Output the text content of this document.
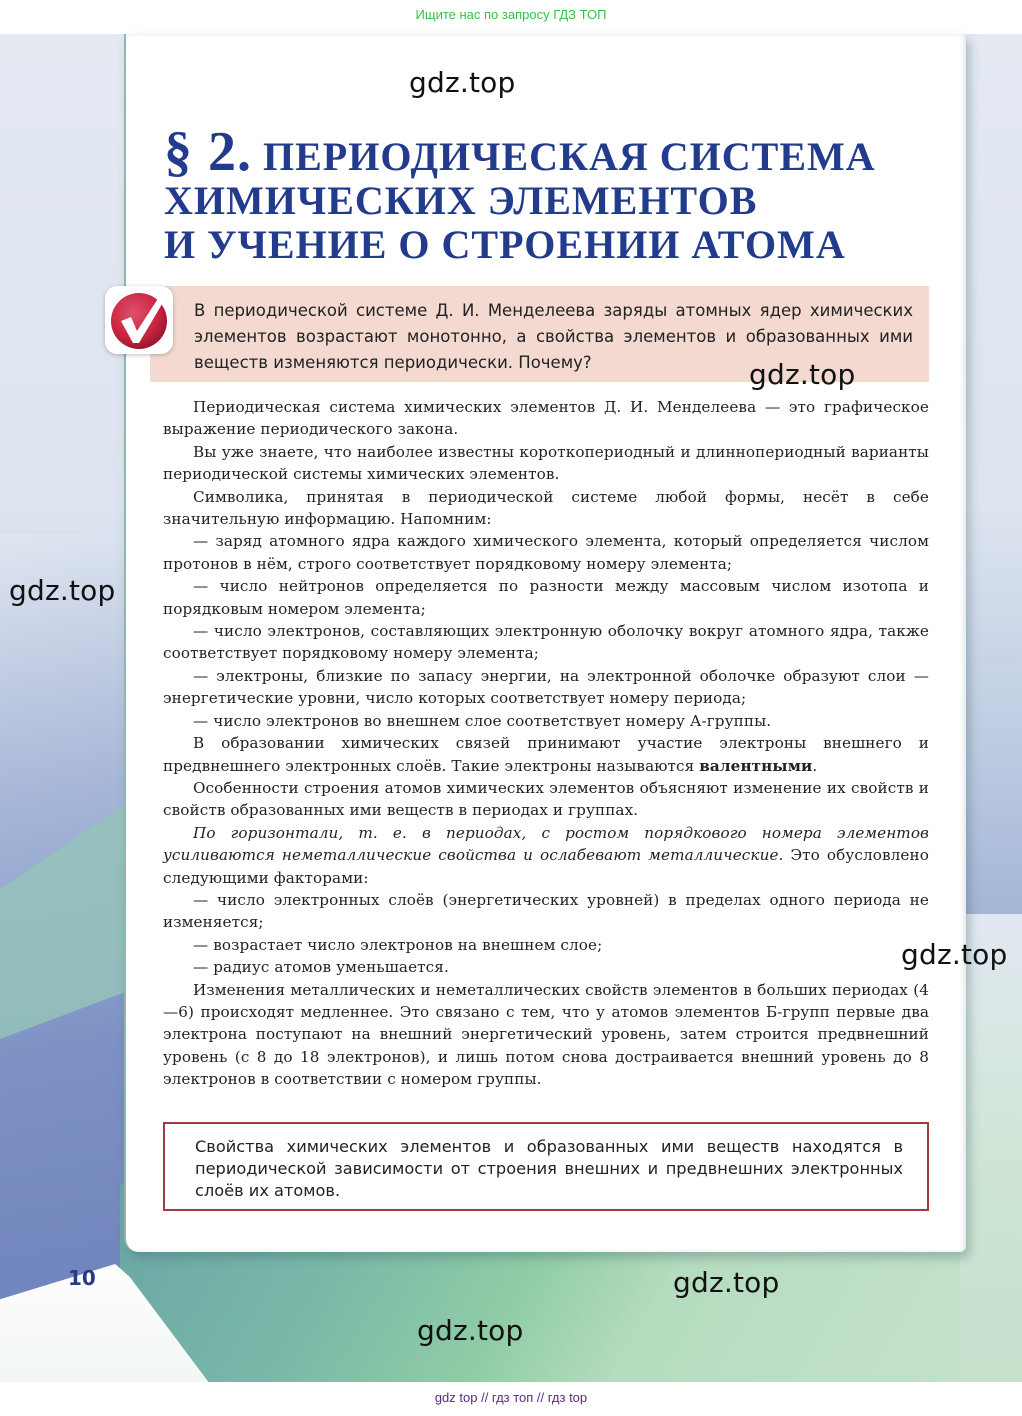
Ищите нас по запросу ГДЗ ТОП
§ 2. ПЕРИОДИЧЕСКАЯ СИСТЕМА
ХИМИЧЕСКИХ ЭЛЕМЕНТОВ
И УЧЕНИЕ О СТРОЕНИИ АТОМА
В периодической системе Д. И. Менделеева заряды атомных ядер химических элементов возрастают монотонно, а свойства элементов и образованных ими веществ изменяются периодически. Почему?

Периодическая система химических элементов Д. И. Менделеева — это графическое выражение периодического закона.

Вы уже знаете, что наиболее известны короткопериодный и длиннопериодный варианты периодической системы химических элементов.

Символика, принятая в периодической системе любой формы, несёт в себе значительную информацию. Напомним:

— заряд атомного ядра каждого химического элемента, который определяется числом протонов в нём, строго соответствует порядковому номеру элемента;

— число нейтронов определяется по разности между массовым числом изотопа и порядковым номером элемента;

— число электронов, составляющих электронную оболочку вокруг атомного ядра, также соответствует порядковому номеру элемента;

— электроны, близкие по запасу энергии, на электронной оболочке образуют слои — энергетические уровни, число которых соответствует номеру периода;

— число электронов во внешнем слое соответствует номеру А-группы.

В образовании химических связей принимают участие электроны внешнего и предвнешнего электронных слоёв. Такие электроны называются валентными.

Особенности строения атомов химических элементов объясняют изменение их свойств и свойств образованных ими веществ в периодах и группах.

По горизонтали, т. е. в периодах, с ростом порядкового номера элементов усиливаются неметаллические свойства и ослабевают металлические. Это обусловлено следующими факторами:

— число электронных слоёв (энергетических уровней) в пределах одного периода не изменяется;

— возрастает число электронов на внешнем слое;

— радиус атомов уменьшается.

Изменения металлических и неметаллических свойств элементов в больших периодах (4—6) происходят медленнее. Это связано с тем, что у атомов элементов Б-групп первые два электрона поступают на внешний энергетический уровень, затем строится предвнешний уровень (с 8 до 18 электронов), и лишь потом снова достраивается внешний уровень до 8 электронов в соответствии с номером группы.

Свойства химических элементов и образованных ими веществ находятся в периодической зависимости от строения внешних и предвнешних электронных слоёв их атомов.
10
gdz.top
gdz.top
gdz.top
gdz.top
gdz.top
gdz.top
gdz top // гдз топ // гдз top
